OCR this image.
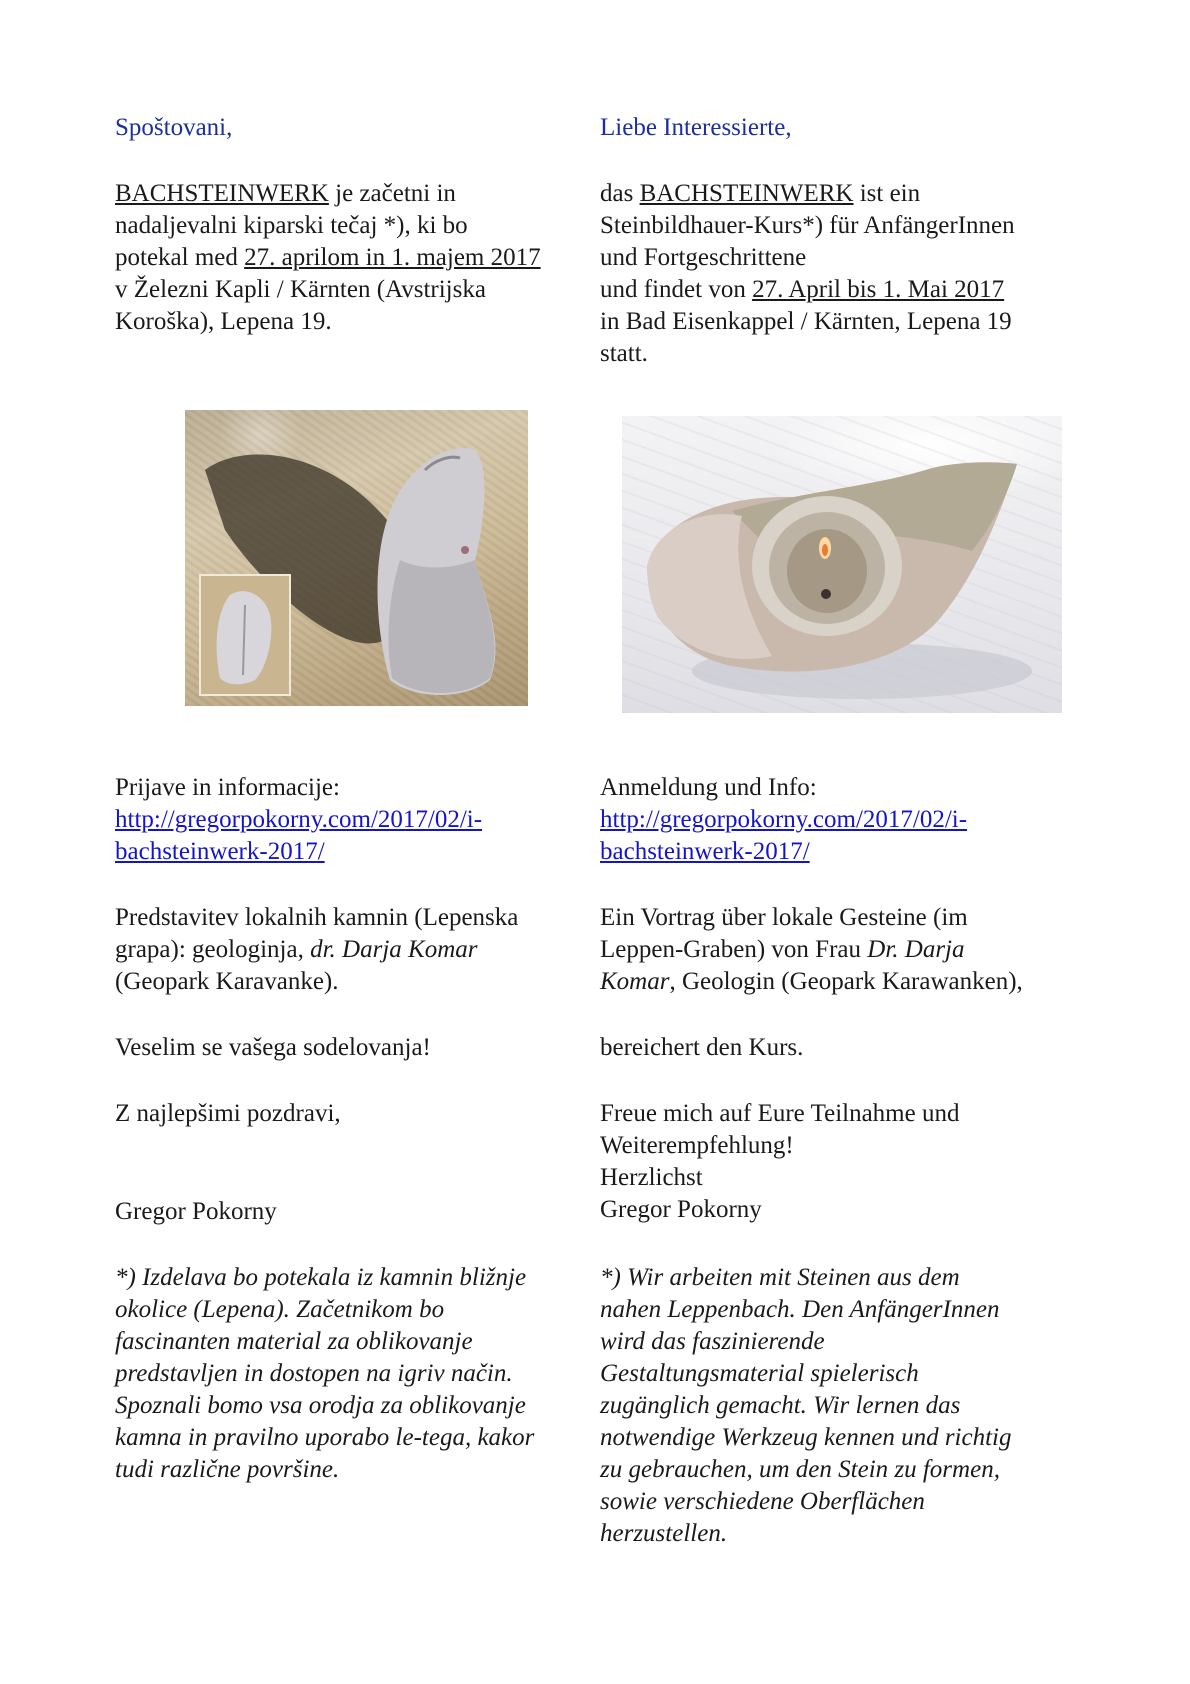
Spoštovani,
BACHSTEINWERK je začetni in
nadaljevalni kiparski tečaj *), ki bo
potekal med 27. aprilom in 1. majem 2017
v Železni Kapli / Kärnten (Avstrijska
Koroška), Lepena 19.
Prijave in informacije:
http://gregorpokorny.com/2017/02/i-
bachsteinwerk-2017/
Predstavitev lokalnih kamnin (Lepenska
grapa): geologinja, dr. Darja Komar
(Geopark Karavanke).
Veselim se vašega sodelovanja!
Z najlepšimi pozdravi,
Gregor Pokorny
*) Izdelava bo potekala iz kamnin bližnje
okolice (Lepena). Začetnikom bo
fascinanten material za oblikovanje
predstavljen in dostopen na igriv način.
Spoznali bomo vsa orodja za oblikovanje
kamna in pravilno uporabo le-tega, kakor
tudi različne površine.
Liebe Interessierte,
das BACHSTEINWERK ist ein
Steinbildhauer-Kurs*) für AnfängerInnen
und Fortgeschrittene
und findet von 27. April bis 1. Mai 2017
in Bad Eisenkappel / Kärnten, Lepena 19
statt.
Anmeldung und Info:
http://gregorpokorny.com/2017/02/i-
bachsteinwerk-2017/
Ein Vortrag über lokale Gesteine (im
Leppen-Graben) von Frau Dr. Darja
Komar, Geologin (Geopark Karawanken),
bereichert den Kurs.
Freue mich auf Eure Teilnahme und
Weiterempfehlung!
Herzlichst
Gregor Pokorny
*) Wir arbeiten mit Steinen aus dem
nahen Leppenbach. Den AnfängerInnen
wird das faszinierende
Gestaltungsmaterial spielerisch
zugänglich gemacht. Wir lernen das
notwendige Werkzeug kennen und richtig
zu gebrauchen, um den Stein zu formen,
sowie verschiedene Oberflächen
herzustellen.
